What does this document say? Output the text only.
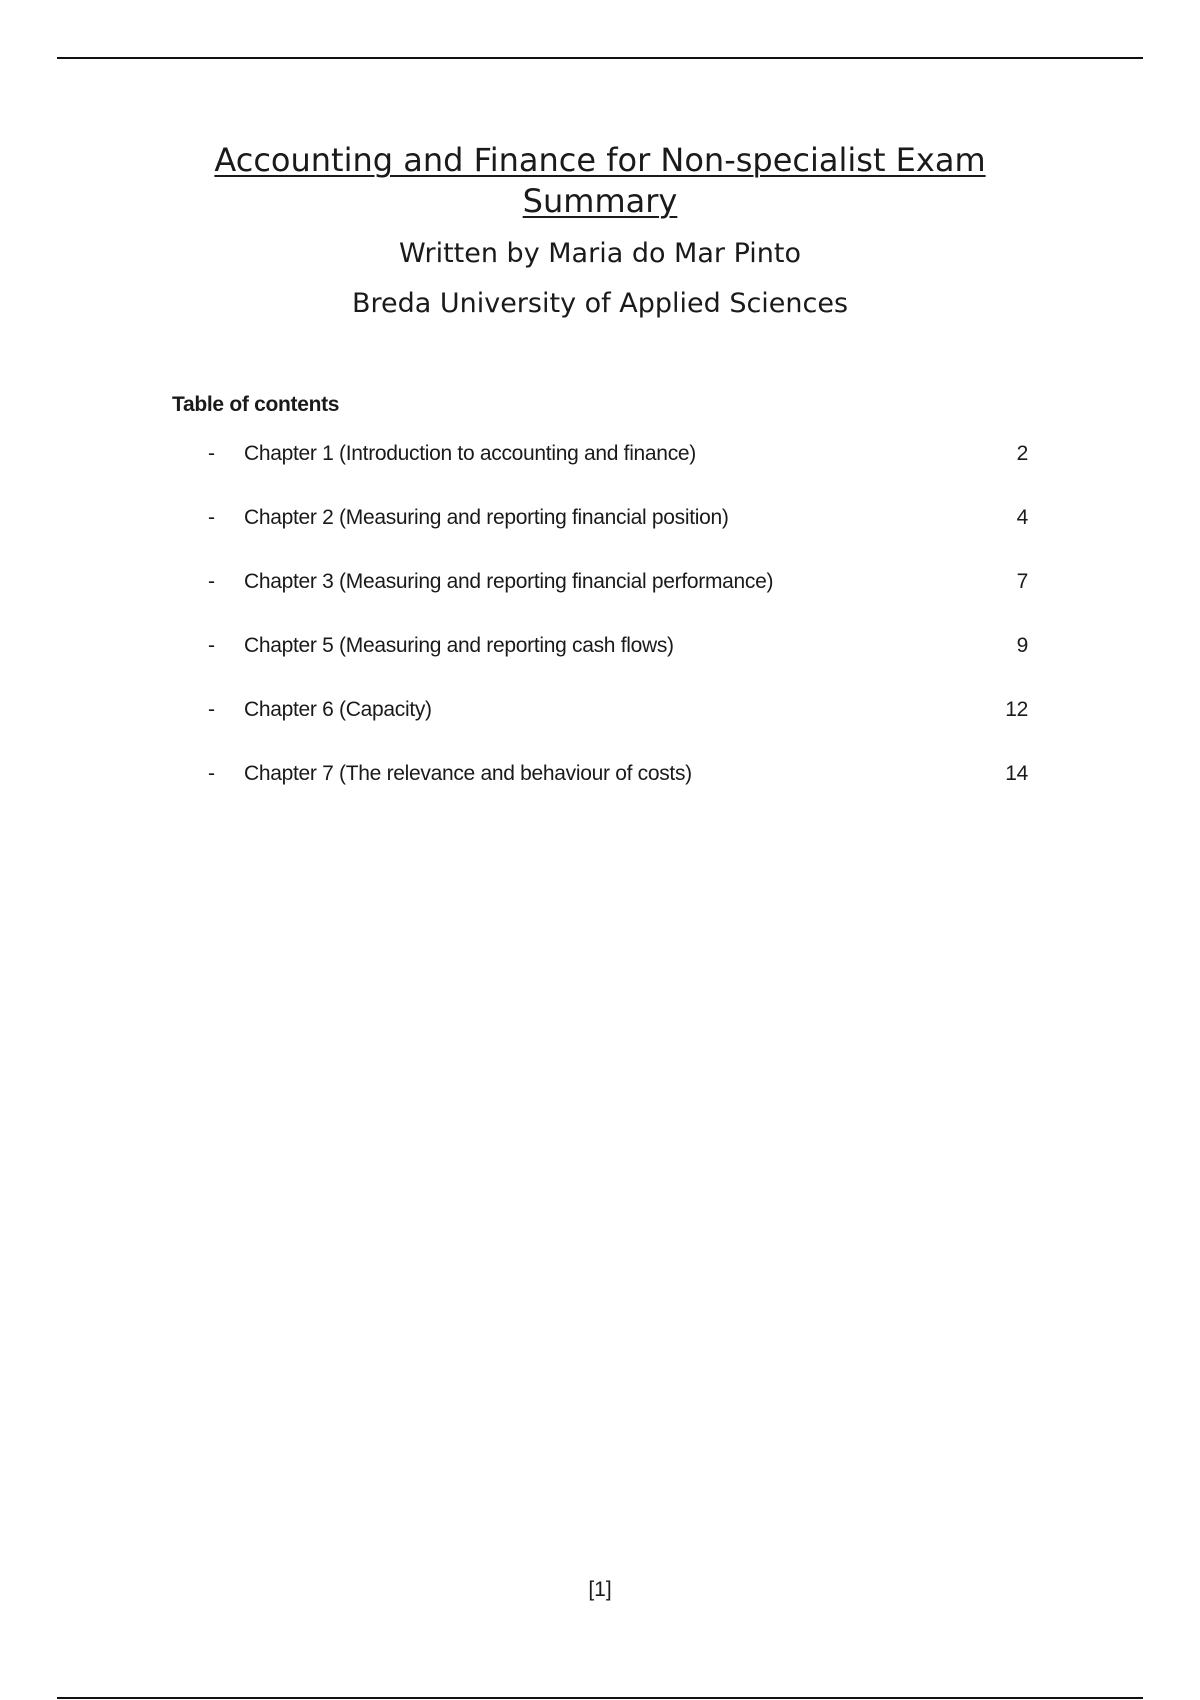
Accounting and Finance for Non-specialist Exam Summary

Written by Maria do Mar Pinto

Breda University of Applied Sciences

Table of contents
- Chapter 1 (Introduction to accounting and finance)	2
- Chapter 2 (Measuring and reporting financial position)	4
- Chapter 3 (Measuring and reporting financial performance)	7
- Chapter 5 (Measuring and reporting cash flows)	9
- Chapter 6 (Capacity)	12
- Chapter 7 (The relevance and behaviour of costs)	14
[1]
